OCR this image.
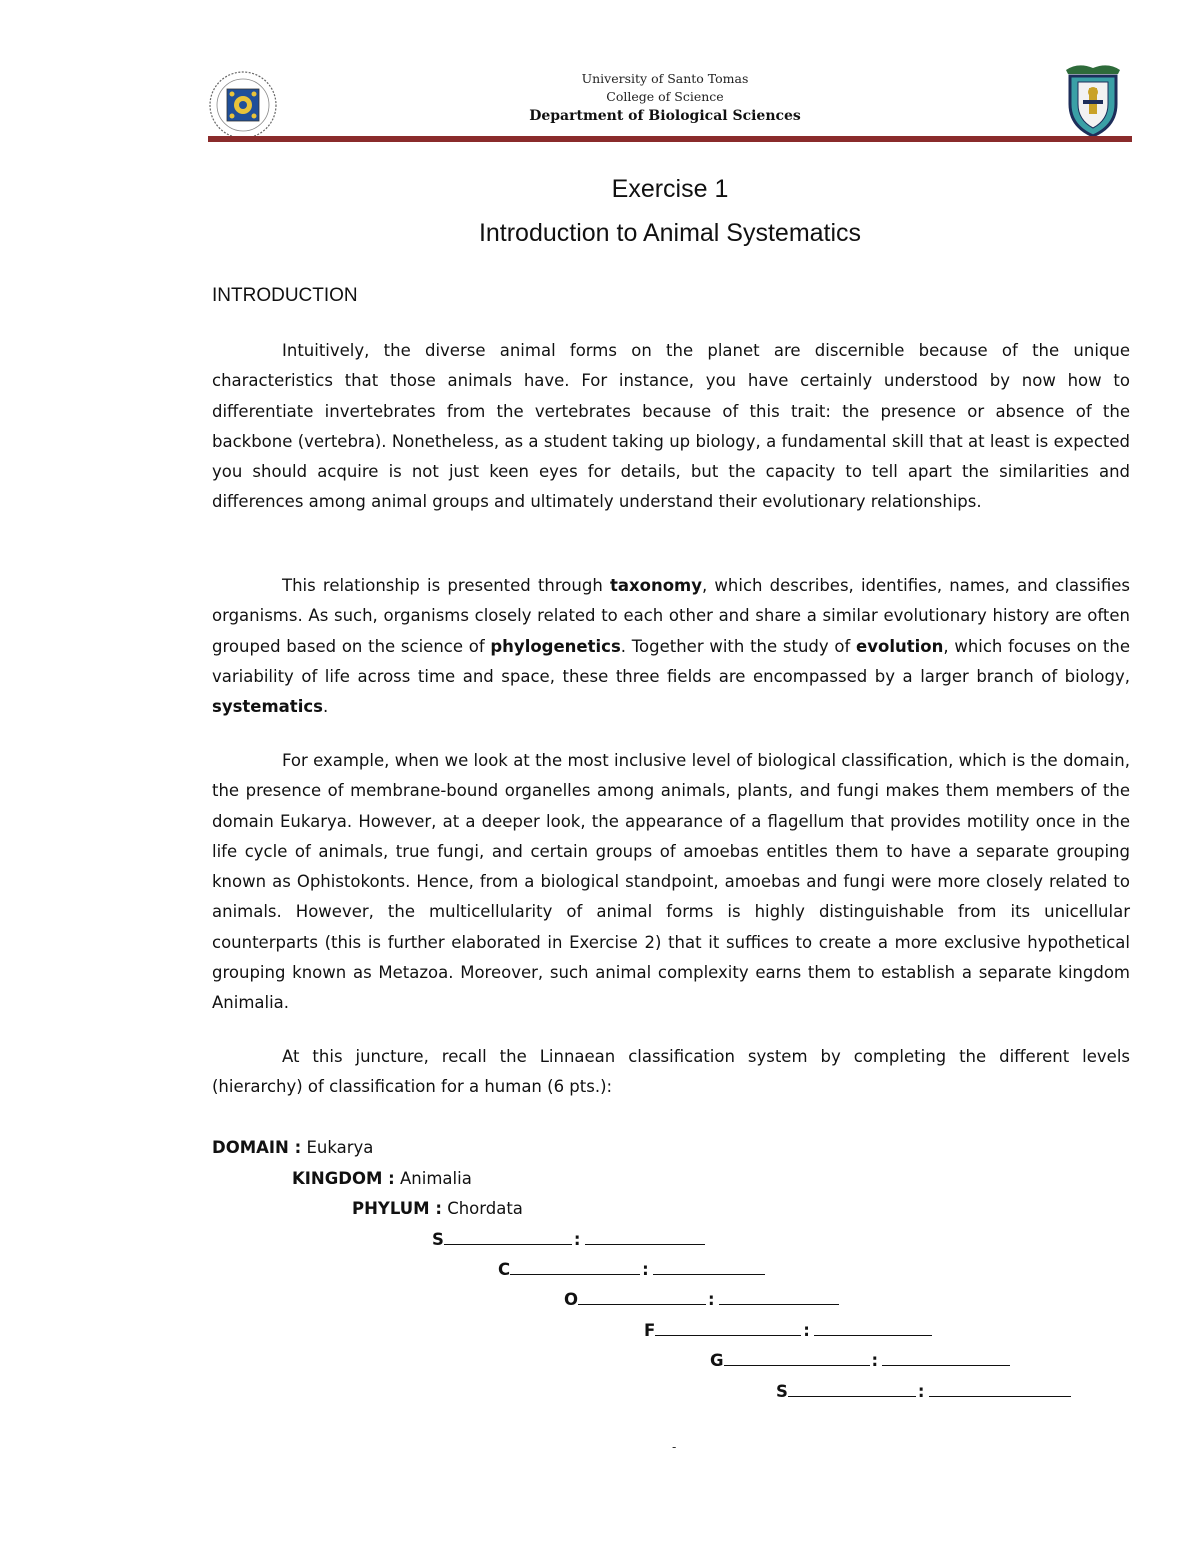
University of Santo Tomas
College of Science
Department of Biological Sciences
Exercise 1
Introduction to Animal Systematics
INTRODUCTION
Intuitively, the diverse animal forms on the planet are discernible because of the unique characteristics that those animals have. For instance, you have certainly understood by now how to differentiate invertebrates from the vertebrates because of this trait: the presence or absence of the backbone (vertebra). Nonetheless, as a student taking up biology, a fundamental skill that at least is expected you should acquire is not just keen eyes for details, but the capacity to tell apart the similarities and differences among animal groups and ultimately understand their evolutionary relationships.
This relationship is presented through taxonomy, which describes, identifies, names, and classifies organisms. As such, organisms closely related to each other and share a similar evolutionary history are often grouped based on the science of phylogenetics. Together with the study of evolution, which focuses on the variability of life across time and space, these three fields are encompassed by a larger branch of biology, systematics.
For example, when we look at the most inclusive level of biological classification, which is the domain, the presence of membrane-bound organelles among animals, plants, and fungi makes them members of the domain Eukarya. However, at a deeper look, the appearance of a flagellum that provides motility once in the life cycle of animals, true fungi, and certain groups of amoebas entitles them to have a separate grouping known as Ophistokonts. Hence, from a biological standpoint, amoebas and fungi were more closely related to animals. However, the multicellularity of animal forms is highly distinguishable from its unicellular counterparts (this is further elaborated in Exercise 2) that it suffices to create a more exclusive hypothetical grouping known as Metazoa. Moreover, such animal complexity earns them to establish a separate kingdom Animalia.
At this juncture, recall the Linnaean classification system by completing the different levels (hierarchy) of classification for a human (6 pts.):
DOMAIN : Eukarya
KINGDOM : Animalia
PHYLUM : Chordata
S	:
C	:
O	:
F	:
G	:
S	:
-
